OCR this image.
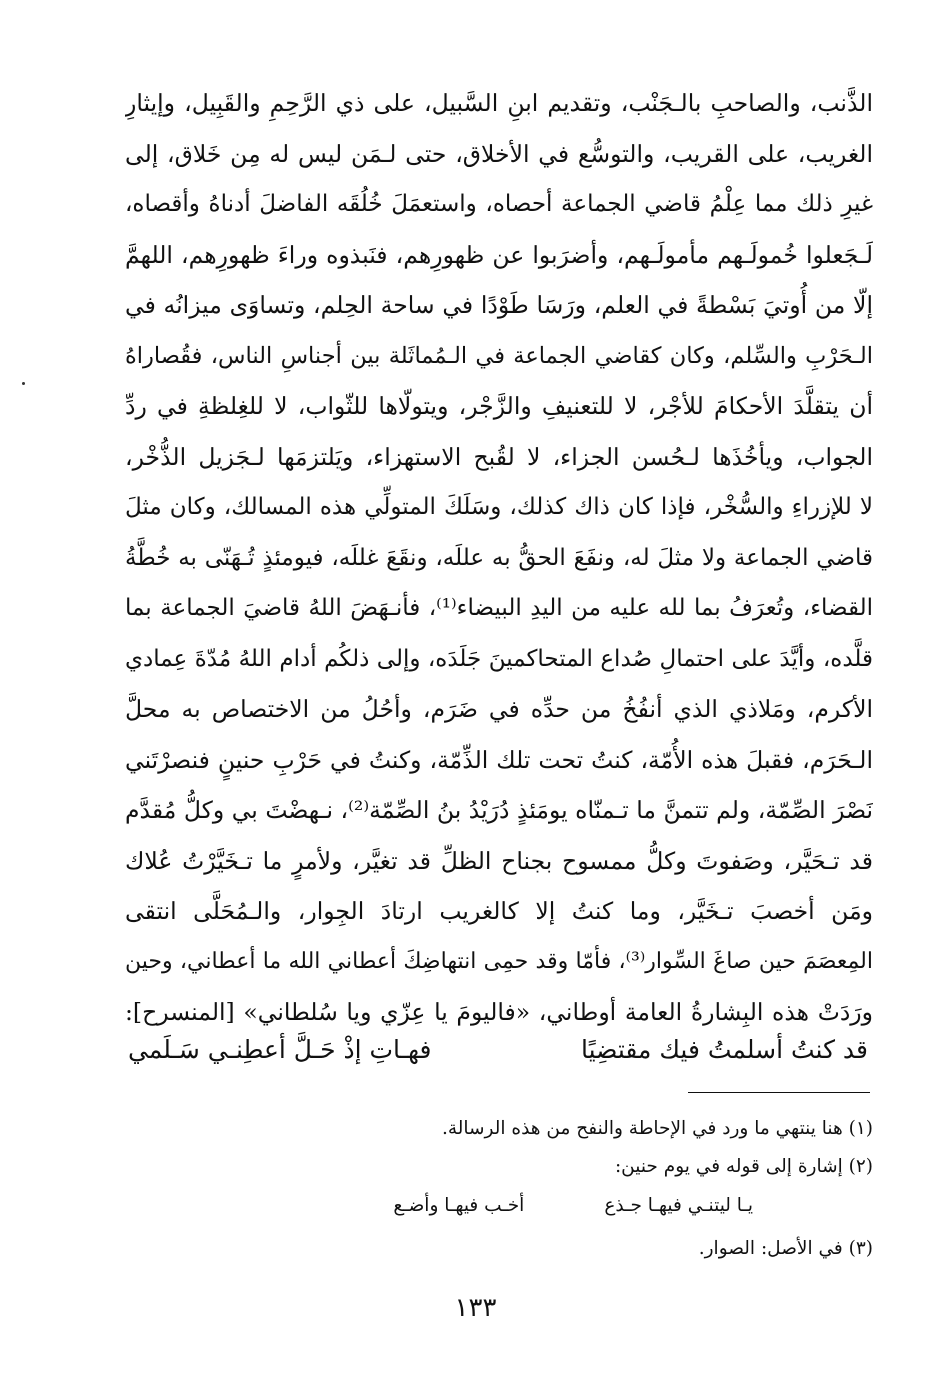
الذَّنب، والصاحبِ بالـجَنْب، وتقديم ابنِ السَّبيل، على ذي الرَّحِمِ والقَبِيل، وإيثارِ
الغريب، على القريب، والتوسُّع في الأخلاق، حتى لـمَن ليس له مِن خَلاق، إلى
غيرِ ذلك مما عِلْمُ قاضي الجماعة أحصاه، واستعمَلَ خُلُقَه الفاضلَ أدناهُ وأقصاه،
لَـجَعلوا خُمولَـهم مأمولَـهم، وأضرَبوا عن ظهورِهم، فنَبذوه وراءَ ظهورِهم، اللهمَّ
إلّا من أُوتيَ بَسْطةً في العلم، ورَسَا طَوْدًا في ساحة الحِلم، وتساوَى ميزانُه في
الـحَرْبِ والسِّلم، وكان كقاضي الجماعة في الـمُماثَلة بين أجناسِ الناس، فقُصاراهُ
أن يتقلَّدَ الأحكامَ للأجْر، لا للتعنيفِ والزَّجْر، ويتولّاها للثّواب، لا للغِلظةِ في ردِّ
الجواب، ويأخُذَها لـحُسن الجزاء، لا لقُبح الاستهزاء، ويَلتزمَها لـجَزيل الذُّخْر،
لا للإزراءِ والسُّخْر، فإذا كان ذاك كذلك، وسَلَكَ المتولِّي هذه المسالك، وكان مثلَ
قاضي الجماعة ولا مثلَ له، ونفَعَ الحقُّ به عللَه، ونقَعَ غللَه، فيومئذٍ تُـهَنّى به خُطَّةُ
القضاء، وتُعرَفُ بما لله عليه من اليدِ البيضاء⁽¹⁾، فأنـهَضَ اللهُ قاضيَ الجماعة بما
قلَّده، وأيَّدَ على احتمالِ صُداع المتحاكمينَ جَلَدَه، وإلى ذلكُم أدام اللهُ مُدّةَ عِمادي
الأكرم، ومَلاذي الذي أنفُخُ من حدِّه في ضَرَم، وأحُلُ من الاختصاص به محلَّ
الـحَرَم، فقبلَ هذه الأُمّة، كنتُ تحت تلك الذِّمّة، وكنتُ في حَرْبِ حنينٍ فنصرْتَني
نَصْرَ الصِّمّة، ولم تتمنَّ ما تـمنّاه يومَئذٍ دُرَيْدُ بنُ الصِّمّة⁽²⁾، نـهضْتَ بي وكلُّ مُقدَّم
قد تـحَيَّر، وصَفوتَ وكلُّ ممسوح بجناح الظلِّ قد تغيَّر، ولأمرٍ ما تـخَيَّرْتُ عُلاك
ومَن أخصبَ تـخَيَّر، وما كنتُ إلا كالغريب ارتادَ الجِوار، والـمُحَلَّى انتقى
المِعصَمَ حين صاغَ السِّوار⁽³⁾، فأمّا وقد حمِى انتهاضِكَ أعطاني الله ما أعطاني، وحين
ورَدَتْ هذه البِشارةُ العامة أوطاني، «فاليومَ يا عِزّي ويا سُلطاني» [المنسرح]:
قد كنتُ أسلمتُ فيك مقتضِيًا
فهـاتِ إذْ حَـلَّ أعطِنـي سَـلَمي
(١) هنا ينتهي ما ورد في الإحاطة والنفح من هذه الرسالة.
(٢) إشارة إلى قوله في يوم حنين:
يـا ليتنـي فيهـا جـذع
أخـب فيهـا وأضـع
(٣) في الأصل: الصوار.
١٣٣
